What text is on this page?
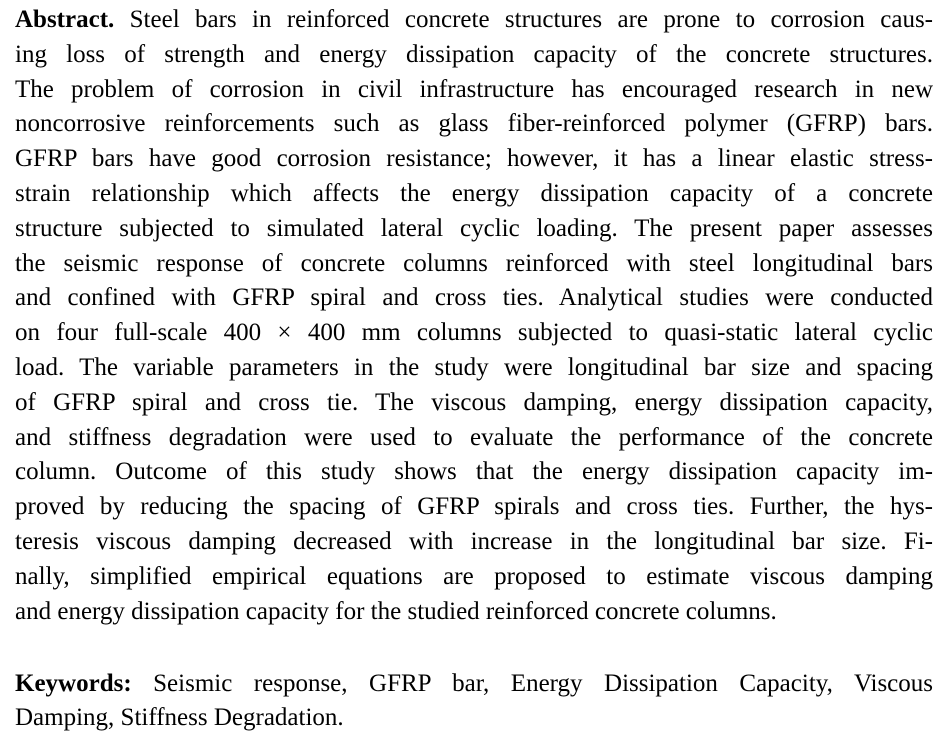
Abstract. Steel bars in reinforced concrete structures are prone to corrosion caus-
ing loss of strength and energy dissipation capacity of the concrete structures.
The problem of corrosion in civil infrastructure has encouraged research in new
noncorrosive reinforcements such as glass fiber-reinforced polymer (GFRP) bars.
GFRP bars have good corrosion resistance; however, it has a linear elastic stress-
strain relationship which affects the energy dissipation capacity of a concrete
structure subjected to simulated lateral cyclic loading. The present paper assesses
the seismic response of concrete columns reinforced with steel longitudinal bars
and confined with GFRP spiral and cross ties. Analytical studies were conducted
on four full-scale 400 × 400 mm columns subjected to quasi-static lateral cyclic
load. The variable parameters in the study were longitudinal bar size and spacing
of GFRP spiral and cross tie. The viscous damping, energy dissipation capacity,
and stiffness degradation were used to evaluate the performance of the concrete
column. Outcome of this study shows that the energy dissipation capacity im-
proved by reducing the spacing of GFRP spirals and cross ties. Further, the hys-
teresis viscous damping decreased with increase in the longitudinal bar size. Fi-
nally, simplified empirical equations are proposed to estimate viscous damping
and energy dissipation capacity for the studied reinforced concrete columns.
Keywords: Seismic response, GFRP bar, Energy Dissipation Capacity, Viscous
Damping, Stiffness Degradation.
